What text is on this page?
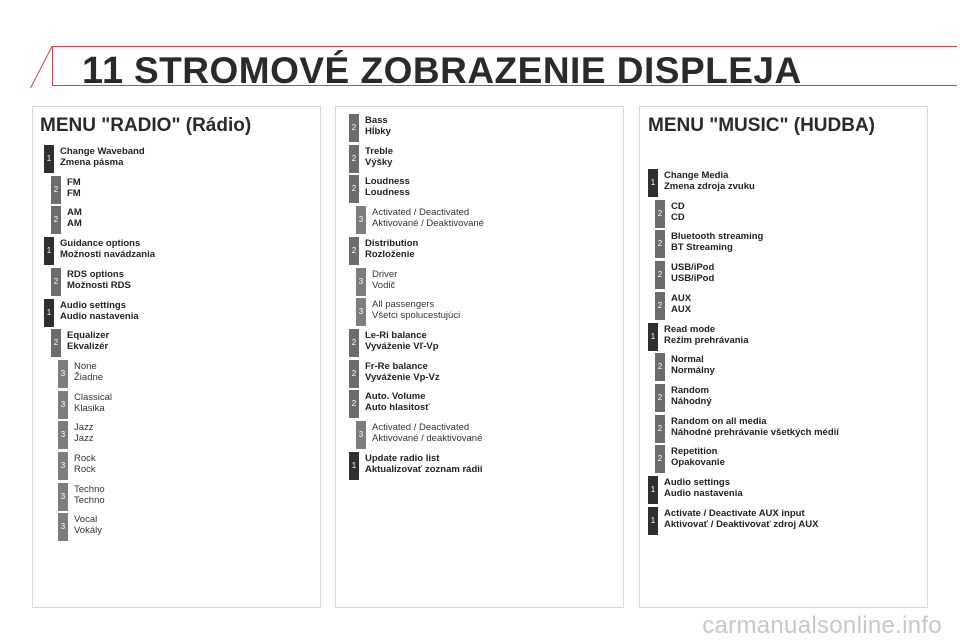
11 STROMOVÉ ZOBRAZENIE DISPLEJA
MENU "RADIO" (Rádio)
1
Change Waveband
Zmena pásma
2
FM
FM
2
AM
AM
1
Guidance options
Možnosti navádzania
2
RDS options
Možnosti RDS
1
Audio settings
Audio nastavenia
2
Equalizer
Ekvalizér
3
None
Žiadne
3
Classical
Klasika
3
Jazz
Jazz
3
Rock
Rock
3
Techno
Techno
3
Vocal
Vokály
2
Bass
Hĺbky
2
Treble
Výšky
2
Loudness
Loudness
3
Activated / Deactivated
Aktivované / Deaktivované
2
Distribution
Rozloženie
3
Driver
Vodič
3
All passengers
Všetci spolucestujúci
2
Le-Ri balance
Vyváženie Vľ-Vp
2
Fr-Re balance
Vyváženie Vp-Vz
2
Auto. Volume
Auto hlasitosť
3
Activated / Deactivated
Aktivované / deaktivované
1
Update radio list
Aktualizovať zoznam rádií
MENU "MUSIC" (HUDBA)
1
Change Media
Zmena zdroja zvuku
2
CD
CD
2
Bluetooth streaming
BT Streaming
2
USB/iPod
USB/iPod
2
AUX
AUX
1
Read mode
Režim prehrávania
2
Normal
Normálny
2
Random
Náhodný
2
Random on all media
Náhodné prehrávanie všetkých médií
2
Repetition
Opakovanie
1
Audio settings
Audio nastavenia
1
Activate / Deactivate AUX input
Aktivovať / Deaktivovať zdroj AUX
carmanualsonline.info
